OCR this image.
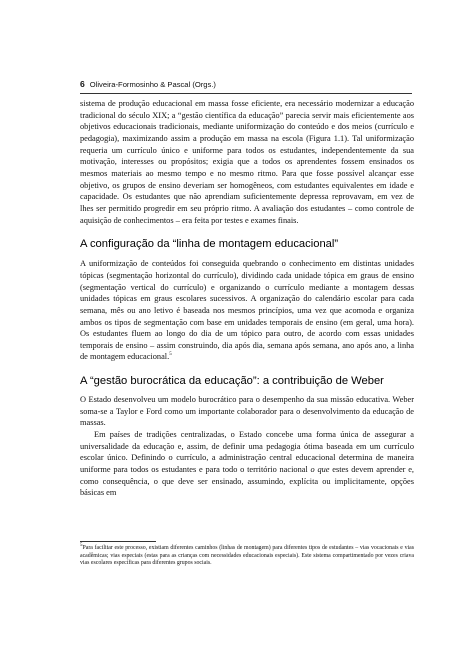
6 Oliveira-Formosinho & Pascal (Orgs.)

sistema de produção educacional em massa fosse eficiente, era necessário modernizar a educação tradicional do século XIX; a “gestão científica da educação” parecia servir mais eficientemente aos objetivos educacionais tradicionais, mediante uniformização do conteúdo e dos meios (currículo e pedagogia), maximizando assim a produção em massa na escola (Figura 1.1). Tal uniformização requeria um currículo único e uniforme para todos os estudantes, independentemente da sua motivação, interesses ou propósitos; exigia que a todos os aprendentes fossem ensinados os mesmos materiais ao mesmo tempo e no mesmo ritmo. Para que fosse possível alcançar esse objetivo, os grupos de ensino deveriam ser homogêneos, com estudantes equivalentes em idade e capacidade. Os estudantes que não aprendiam suficientemente depressa reprovavam, em vez de lhes ser permitido progredir em seu próprio ritmo. A avaliação dos estudantes – como controle de aquisição de conhecimentos – era feita por testes e exames finais.

A configuração da “linha de montagem educacional”

A uniformização de conteúdos foi conseguida quebrando o conhecimento em distintas unidades tópicas (segmentação horizontal do currículo), dividindo cada unidade tópica em graus de ensino (segmentação vertical do currículo) e organizando o currículo mediante a montagem dessas unidades tópicas em graus escolares sucessivos. A organização do calendário escolar para cada semana, mês ou ano letivo é baseada nos mesmos princípios, uma vez que acomoda e organiza ambos os tipos de segmentação com base em unidades temporais de ensino (em geral, uma hora). Os estudantes fluem ao longo do dia de um tópico para outro, de acordo com essas unidades temporais de ensino – assim construindo, dia após dia, semana após semana, ano após ano, a linha de montagem educacional.$^5$

A “gestão burocrática da educação”: a contribuição de Weber

O Estado desenvolveu um modelo burocrático para o desempenho da sua missão educativa. Weber soma-se a Taylor e Ford como um importante colaborador para o desenvolvimento da educação de massas.

Em países de tradições centralizadas, o Estado concebe uma forma única de assegurar a universalidade da educação e, assim, de definir uma pedagogia ótima baseada em um currículo escolar único. Definindo o currículo, a administração central educacional determina de maneira uniforme para todos os estudantes e para todo o território nacional o que estes devem aprender e, como consequência, o que deve ser ensinado, assumindo, explícita ou implicitamente, opções básicas em

$^5$Para facilitar este processo, existiam diferentes caminhos (linhas de montagem) para diferentes tipos de estudantes – vias vocacionais e vias acadêmicas; vias especiais (estas para as crianças com necessidades educacionais especiais). Este sistema compartimentado por vezes criava vias escolares específicas para diferentes grupos sociais.
